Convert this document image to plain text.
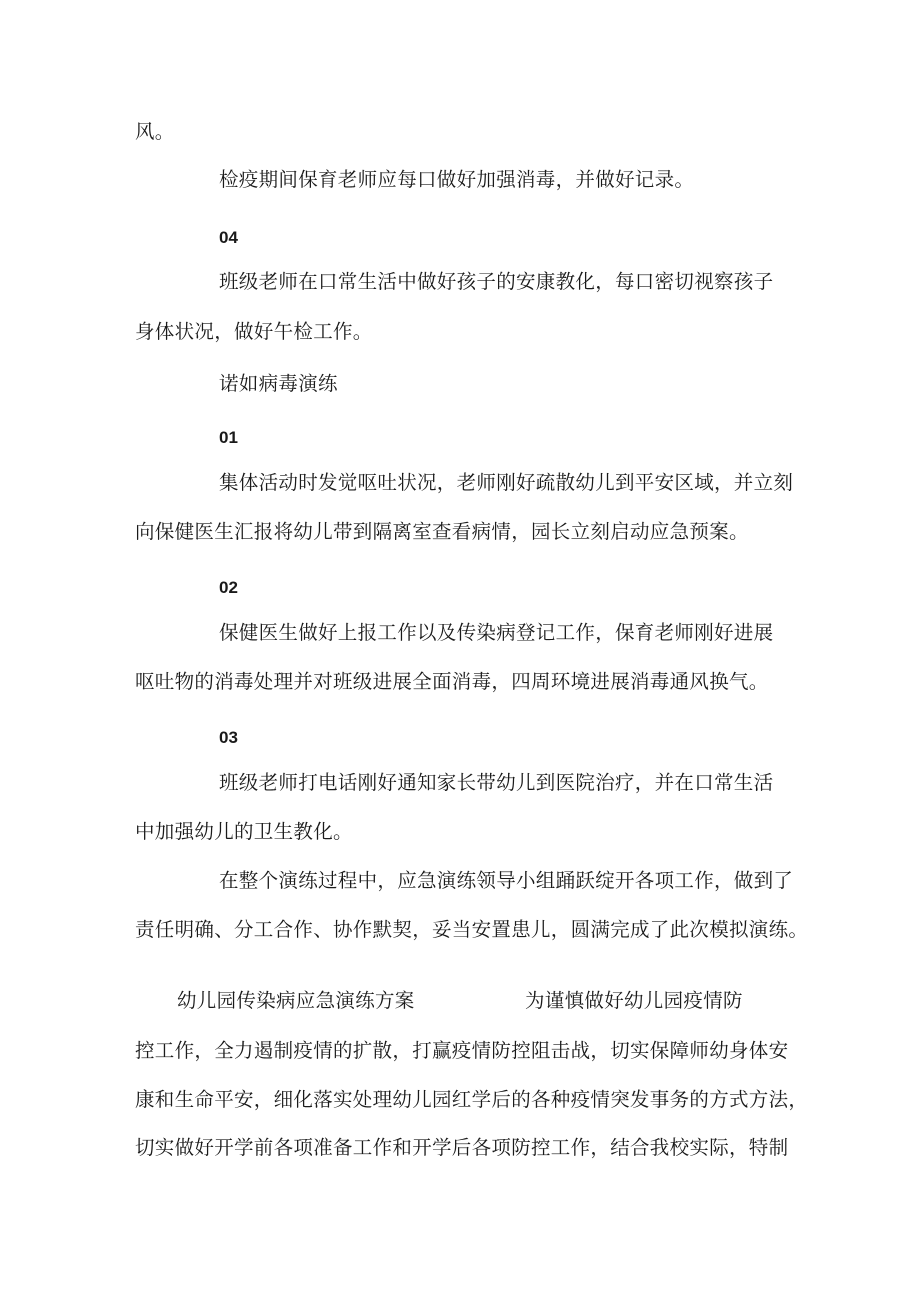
风。
检疫期间保育老师应每口做好加强消毒，并做好记录。
04
班级老师在口常生活中做好孩子的安康教化，每口密切视察孩子
身体状况，做好午检工作。
诺如病毒演练
01
集体活动时发觉呕吐状况，老师刚好疏散幼儿到平安区域，并立刻
向保健医生汇报将幼儿带到隔离室查看病情，园长立刻启动应急预案。
02
保健医生做好上报工作以及传染病登记工作，保育老师刚好进展
呕吐物的消毒处理并对班级进展全面消毒，四周环境进展消毒通风换气。
03
班级老师打电话刚好通知家长带幼儿到医院治疗，并在口常生活
中加强幼儿的卫生教化。
在整个演练过程中，应急演练领导小组踊跃绽开各项工作，做到了
责任明确、分工合作、协作默契，妥当安置患儿，圆满完成了此次模拟演练。
幼儿园传染病应急演练方案	为谨慎做好幼儿园疫情防
控工作，全力遏制疫情的扩散，打赢疫情防控阻击战，切实保障师幼身体安
康和生命平安，细化落实处理幼儿园红学后的各种疫情突发事务的方式方法，
切实做好开学前各项准备工作和开学后各项防控工作，结合我校实际，特制
